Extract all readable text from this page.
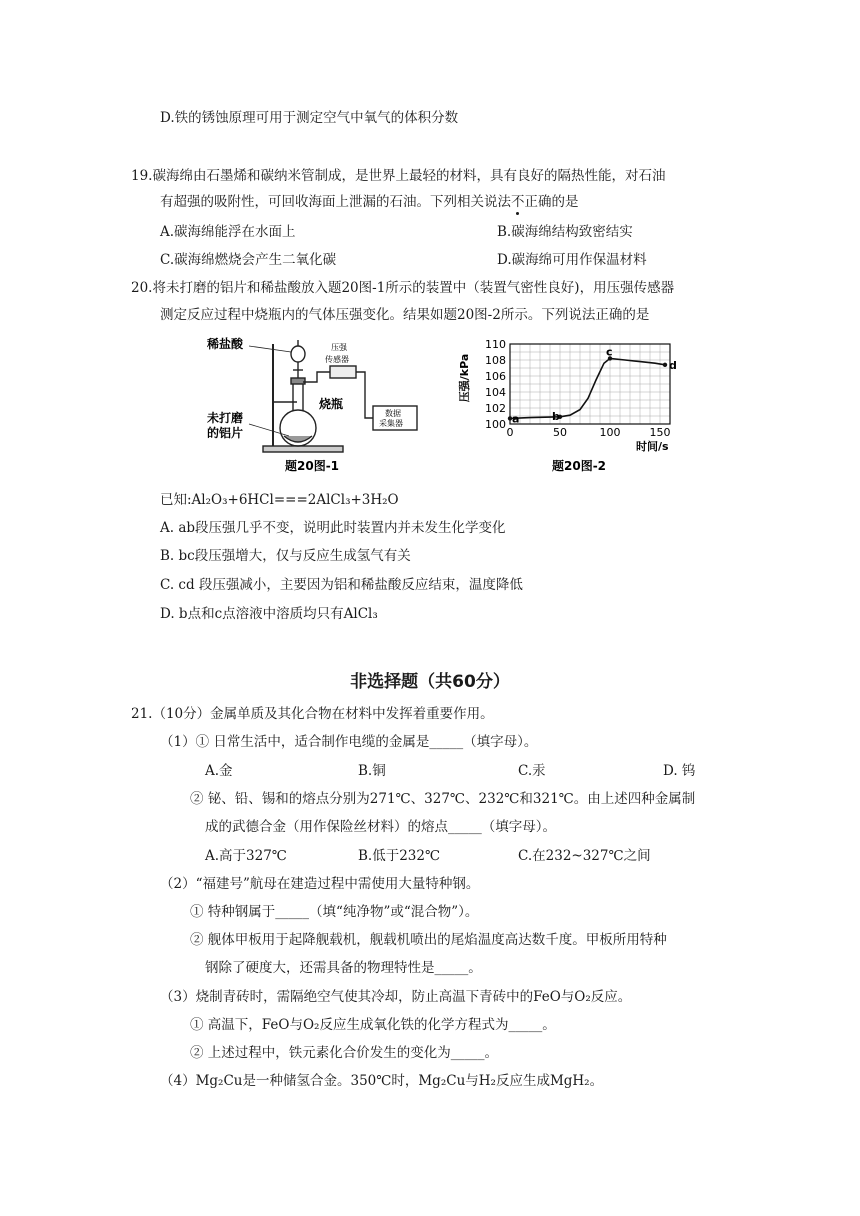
D.铁的锈蚀原理可用于测定空气中氧气的体积分数
19.碳海绵由石墨烯和碳纳米管制成，是世界上最轻的材料，具有良好的隔热性能，对石油
有超强的吸附性，可回收海面上泄漏的石油。下列相关说法不正确的是
A.碳海绵能浮在水面上	B.碳海绵结构致密结实
C.碳海绵燃烧会产生二氧化碳	D.碳海绵可用作保温材料
20.将未打磨的铝片和稀盐酸放入题20图-1所示的装置中（装置气密性良好)，用压强传感器
测定反应过程中烧瓶内的气体压强变化。结果如题20图-2所示。下列说法正确的是
稀盐酸	压强
传感器
烧瓶
未打磨
的铝片
数据
采集器
题20图-1
压强/kPa
时间/s
题20图-2
100
102
104
106
108
110
0	50	100	150
a	b
c
d
已知:Al₂O₃+6HCl===2AlCl₃+3H₂O
A. ab段压强几乎不变，说明此时装置内并未发生化学变化
B. bc段压强增大，仅与反应生成氢气有关
C. cd 段压强减小，主要因为铝和稀盐酸反应结束，温度降低
D. b点和c点溶液中溶质均只有AlCl₃
非选择题（共60分）
21.（10分）金属单质及其化合物在材料中发挥着重要作用。
（1）① 日常生活中，适合制作电缆的金属是_____（填字母）。
A.金	B.铜	C.汞	D. 钨
② 铋、铅、锡和的熔点分别为271℃、327℃、232℃和321℃。由上述四种金属制
成的武德合金（用作保险丝材料）的熔点_____（填字母）。
A.高于327℃	B.低于232℃	C.在232~327℃之间
（2）“福建号”航母在建造过程中需使用大量特种钢。
① 特种钢属于_____（填“纯净物”或“混合物”）。
② 舰体甲板用于起降舰载机，舰载机喷出的尾焰温度高达数千度。甲板所用特种
钢除了硬度大，还需具备的物理特性是_____。
（3）烧制青砖时，需隔绝空气使其冷却，防止高温下青砖中的FeO与O₂反应。
① 高温下，FeO与O₂反应生成氧化铁的化学方程式为_____。
② 上述过程中，铁元素化合价发生的变化为_____。
（4）Mg₂Cu是一种储氢合金。350℃时，Mg₂Cu与H₂反应生成MgH₂。
